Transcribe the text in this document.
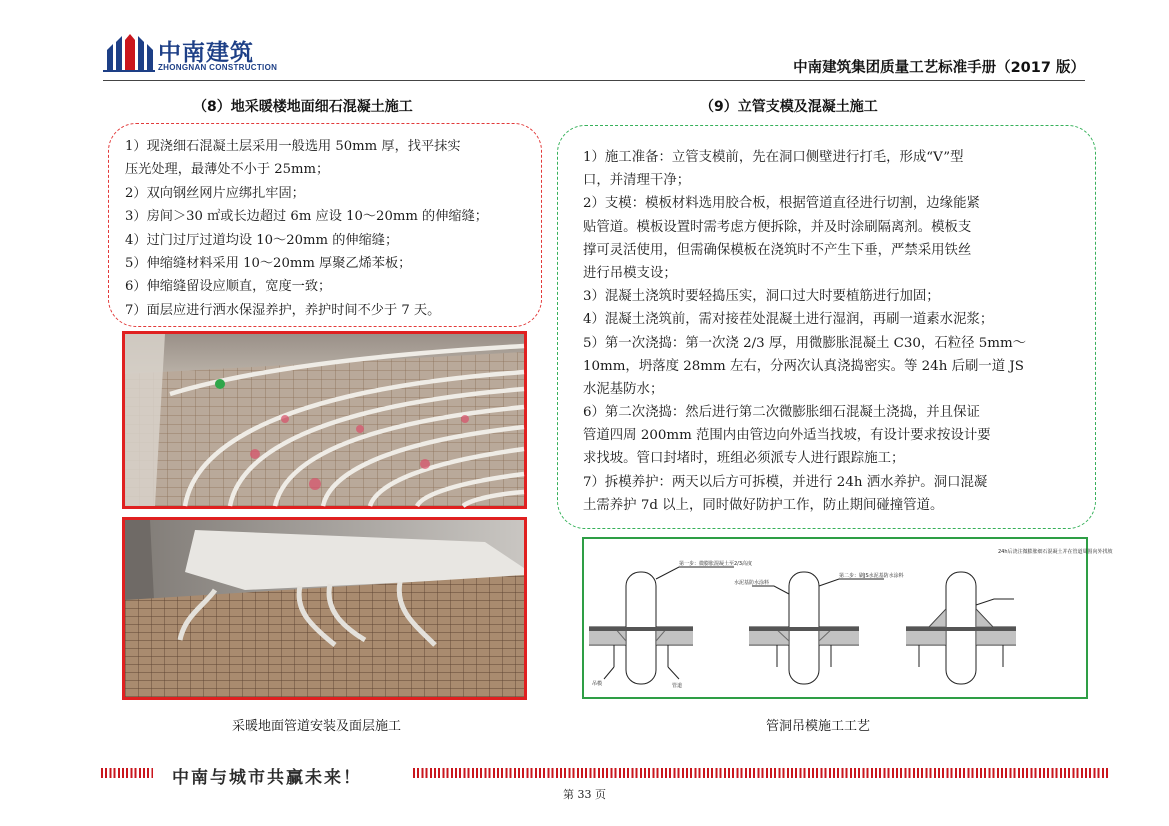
中南建筑
ZHONGNAN CONSTRUCTION	中南建筑集团质量工艺标准手册（2017 版）
（8）地采暖楼地面细石混凝土施工	（9）立管支模及混凝土施工
1）现浇细石混凝土层采用一般选用 50mm 厚，找平抹实
压光处理，最薄处不小于 25mm；
2）双向钢丝网片应绑扎牢固；
3）房间＞30 ㎡或长边超过 6m 应设 10～20mm 的伸缩缝；
4）过门过厅过道均设 10～20mm 的伸缩缝；
5）伸缩缝材料采用 10～20mm 厚聚乙烯苯板；
6）伸缩缝留设应顺直，宽度一致；
7）面层应进行洒水保湿养护，养护时间不少于 7 天。
1）施工准备：立管支模前，先在洞口侧壁进行打毛，形成“V”型
口，并清理干净；
2）支模：模板材料选用胶合板，根据管道直径进行切割，边缘能紧
贴管道。模板设置时需考虑方便拆除，并及时涂刷隔离剂。模板支
撑可灵活使用，但需确保模板在浇筑时不产生下垂，严禁采用铁丝
进行吊模支设；
3）混凝土浇筑时要轻捣压实，洞口过大时要植筋进行加固；
4）混凝土浇筑前，需对接茬处混凝土进行湿润，再刷一道素水泥浆；
5）第一次浇捣：第一次浇 2/3 厚，用微膨胀混凝土 C30，石粒径 5mm～
10mm，坍落度 28mm 左右，分两次认真浇捣密实。等 24h 后刷一道 JS
水泥基防水；
6）第二次浇捣：然后进行第二次微膨胀细石混凝土浇捣，并且保证
管道四周 200mm 范围内由管边向外适当找坡，有设计要求按设计要
求找坡。管口封堵时，班组必须派专人进行跟踪施工；
7）拆模养护：两天以后方可拆模，并进行 24h 洒水养护。洞口混凝
土需养护 7d 以上，同时做好防护工作，防止期间碰撞管道。
第一步：微膨胀混凝土至2/3高度
水泥基防水涂料
第二步：刷JS水泥基防水涂料
吊模	管道
24h后浇注微膨胀细石混凝土并在管道周围向外找坡
采暖地面管道安装及面层施工	管洞吊模施工工艺
中南与城市共赢未来！
第 33 页
